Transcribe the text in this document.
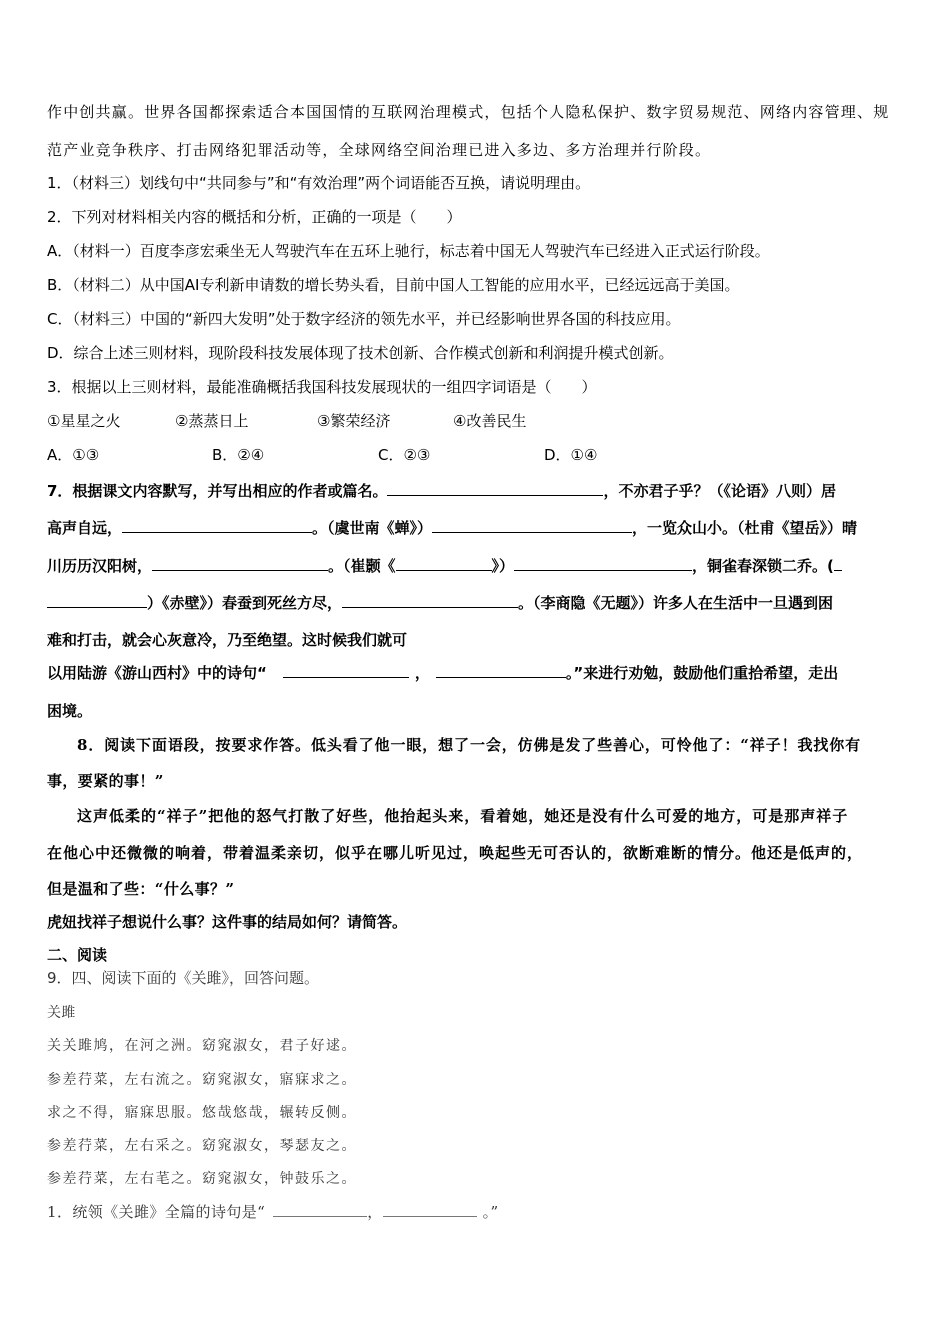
作中创共赢。世界各国都探索适合本国国情的互联网治理模式，包括个人隐私保护、数字贸易规范、网络内容管理、规
范产业竞争秩序、打击网络犯罪活动等，全球网络空间治理已进入多边、多方治理并行阶段。
1．（材料三）划线句中“共同参与”和“有效治理”两个词语能否互换，请说明理由。
2．下列对材料相关内容的概括和分析，正确的一项是（　　）
A．（材料一）百度李彦宏乘坐无人驾驶汽车在五环上驰行，标志着中国无人驾驶汽车已经进入正式运行阶段。
B．（材料二）从中国AI专利新申请数的增长势头看，目前中国人工智能的应用水平，已经远远高于美国。
C．（材料三）中国的“新四大发明”处于数字经济的领先水平，并已经影响世界各国的科技应用。
D．综合上述三则材料，现阶段科技发展体现了技术创新、合作模式创新和利润提升模式创新。
3．根据以上三则材料，最能准确概括我国科技发展现状的一组四字词语是（　　）
①星星之火	②蒸蒸日上	③繁荣经济	④改善民生
A．①③	B．②④	C．②③	D．①④
7．根据课文内容默写，并写出相应的作者或篇名。	，不亦君子乎？（《论语》八则）居
高声自远，	。（虞世南《蝉》）	，一览众山小。（杜甫《望岳》）晴
川历历汉阳树，	。（崔颢《	》）	，铜雀春深锁二乔。(
）《赤壁》）春蚕到死丝方尽，	。（李商隐《无题》）许多人在生活中一旦遇到困
难和打击，就会心灰意冷，乃至绝望。这时候我们就可
以用陆游《游山西村》中的诗句“	，	。”来进行劝勉，鼓励他们重拾希望，走出
困境。
8．阅读下面语段，按要求作答。低头看了他一眼，想了一会，仿佛是发了些善心，可怜他了：“祥子！我找你有
事，要紧的事！”
这声低柔的“祥子”把他的怒气打散了好些，他抬起头来，看着她，她还是没有什么可爱的地方，可是那声祥子
在他心中还微微的响着，带着温柔亲切，似乎在哪儿听见过，唤起些无可否认的，欲断难断的情分。他还是低声的，
但是温和了些：“什么事？”
虎妞找祥子想说什么事？这件事的结局如何？请简答。
二、阅读
9．四、阅读下面的《关雎》，回答问题。
关雎
关关雎鸠，在河之洲。窈窕淑女，君子好逑。
参差荇菜，左右流之。窈窕淑女，寤寐求之。
求之不得，寤寐思服。悠哉悠哉，辗转反侧。
参差荇菜，左右采之。窈窕淑女，琴瑟友之。
参差荇菜，左右芼之。窈窕淑女，钟鼓乐之。
1．统领《关雎》全篇的诗句是“	，	。”
